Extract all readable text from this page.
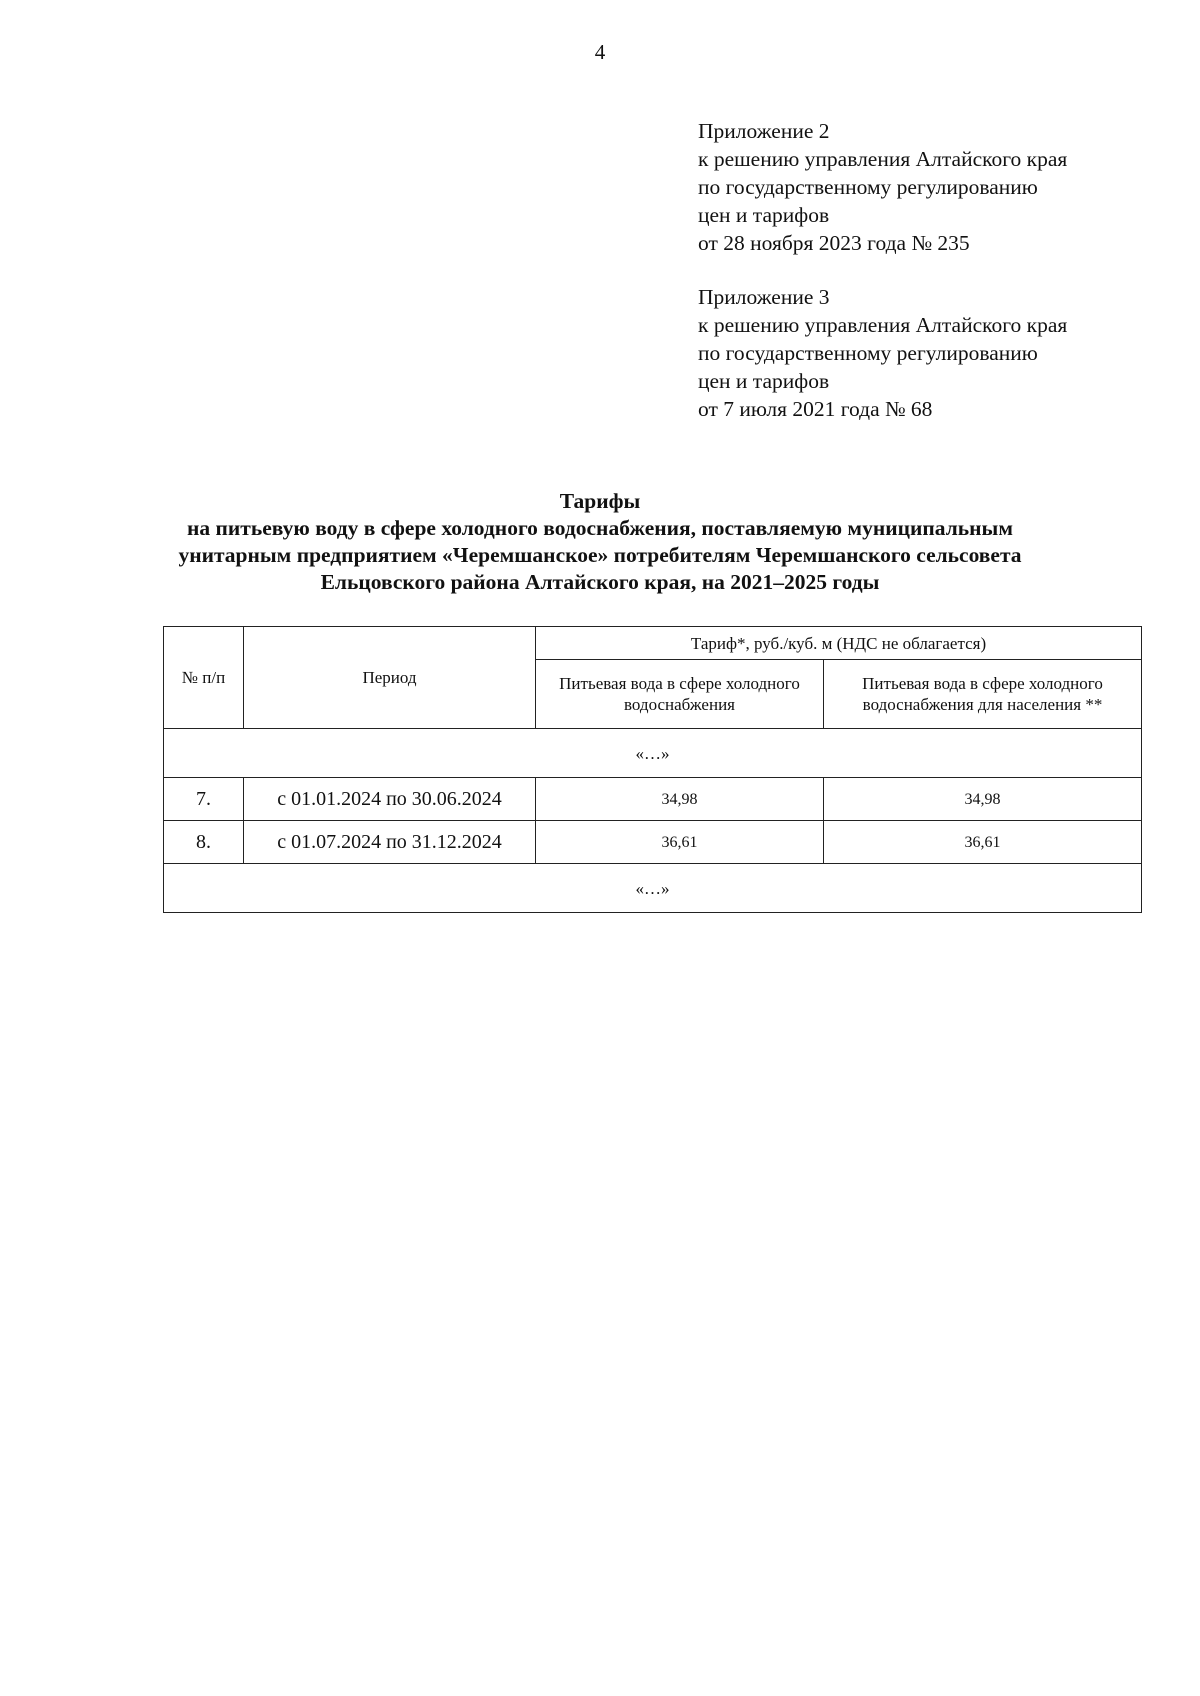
4
Приложение 2
к решению управления Алтайского края
по государственному регулированию
цен и тарифов
от 28 ноября 2023 года № 235
Приложение 3
к решению управления Алтайского края
по государственному регулированию
цен и тарифов
от 7 июля 2021 года № 68
Тарифы
на питьевую воду в сфере холодного водоснабжения, поставляемую муниципальным
унитарным предприятием «Черемшанское» потребителям Черемшанского сельсовета
Ельцовского района Алтайского края, на 2021–2025 годы
№ п/п	Период	Тариф*, руб./куб. м (НДС не облагается)	
		Питьевая вода в сфере холодного водоснабжения	Питьевая вода в сфере холодного водоснабжения для населения **
«…»			
7.	с 01.01.2024 по 30.06.2024	34,98	34,98
8.	с 01.07.2024 по 31.12.2024	36,61	36,61
«…»			
